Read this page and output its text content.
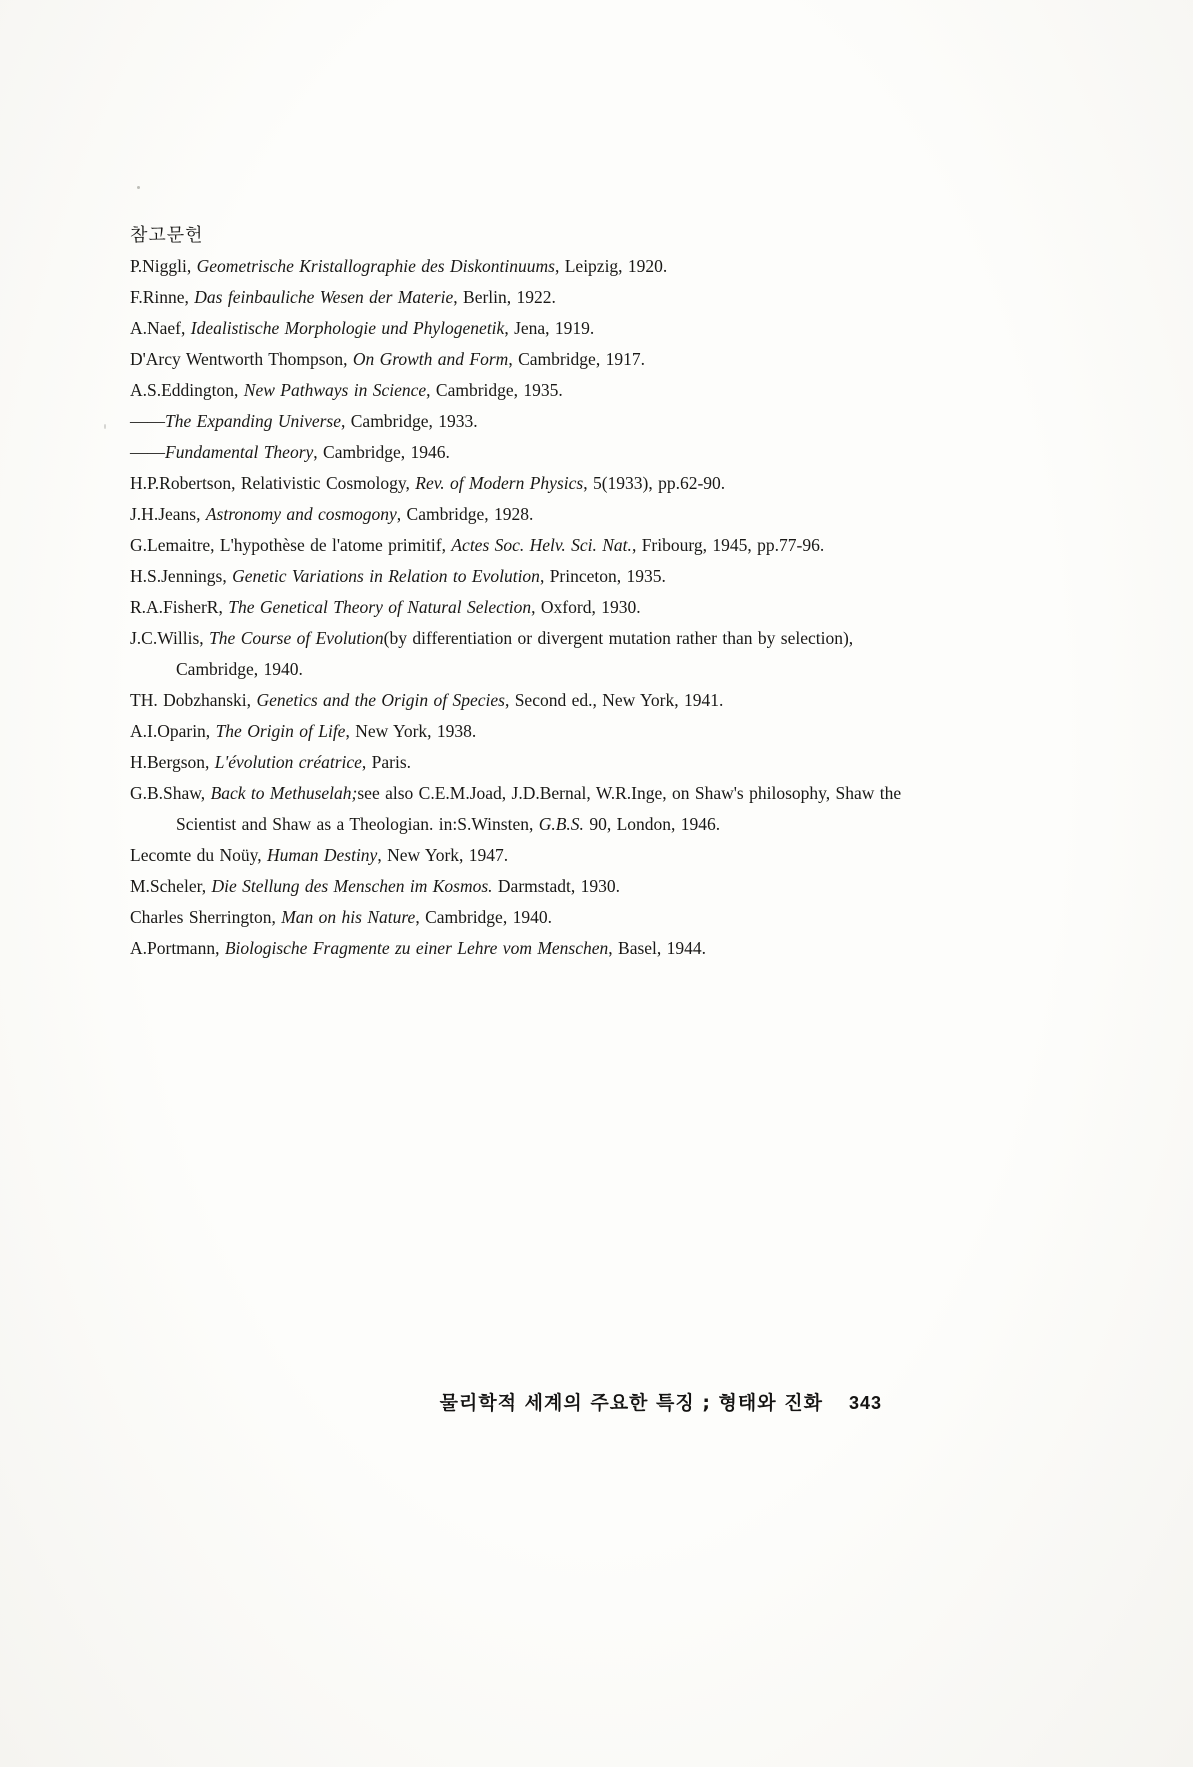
참고문헌

P.Niggli, Geometrische Kristallographie des Diskontinuums, Leipzig, 1920.

F.Rinne, Das feinbauliche Wesen der Materie, Berlin, 1922.

A.Naef, Idealistische Morphologie und Phylogenetik, Jena, 1919.

D'Arcy Wentworth Thompson, On Growth and Form, Cambridge, 1917.

A.S.Eddington, New Pathways in Science, Cambridge, 1935.

——The Expanding Universe, Cambridge, 1933.

——Fundamental Theory, Cambridge, 1946.

H.P.Robertson, Relativistic Cosmology, Rev. of Modern Physics, 5(1933), pp.62-90.

J.H.Jeans, Astronomy and cosmogony, Cambridge, 1928.

G.Lemaitre, L'hypothèse de l'atome primitif, Actes Soc. Helv. Sci. Nat., Fribourg, 1945, pp.77-96.

H.S.Jennings, Genetic Variations in Relation to Evolution, Princeton, 1935.

R.A.FisherR, The Genetical Theory of Natural Selection, Oxford, 1930.

J.C.Willis, The Course of Evolution(by differentiation or divergent mutation rather than by selection), Cambridge, 1940.

TH. Dobzhanski, Genetics and the Origin of Species, Second ed., New York, 1941.

A.I.Oparin, The Origin of Life, New York, 1938.

H.Bergson, L'évolution créatrice, Paris.

G.B.Shaw, Back to Methuselah;see also C.E.M.Joad, J.D.Bernal, W.R.Inge, on Shaw's philosophy, Shaw the Scientist and Shaw as a Theologian. in:S.Winsten, G.B.S. 90, London, 1946.

Lecomte du Noüy, Human Destiny, New York, 1947.

M.Scheler, Die Stellung des Menschen im Kosmos. Darmstadt, 1930.

Charles Sherrington, Man on his Nature, Cambridge, 1940.

A.Portmann, Biologische Fragmente zu einer Lehre vom Menschen, Basel, 1944.

물리학적 세계의 주요한 특징 ; 형태와 진화 343
